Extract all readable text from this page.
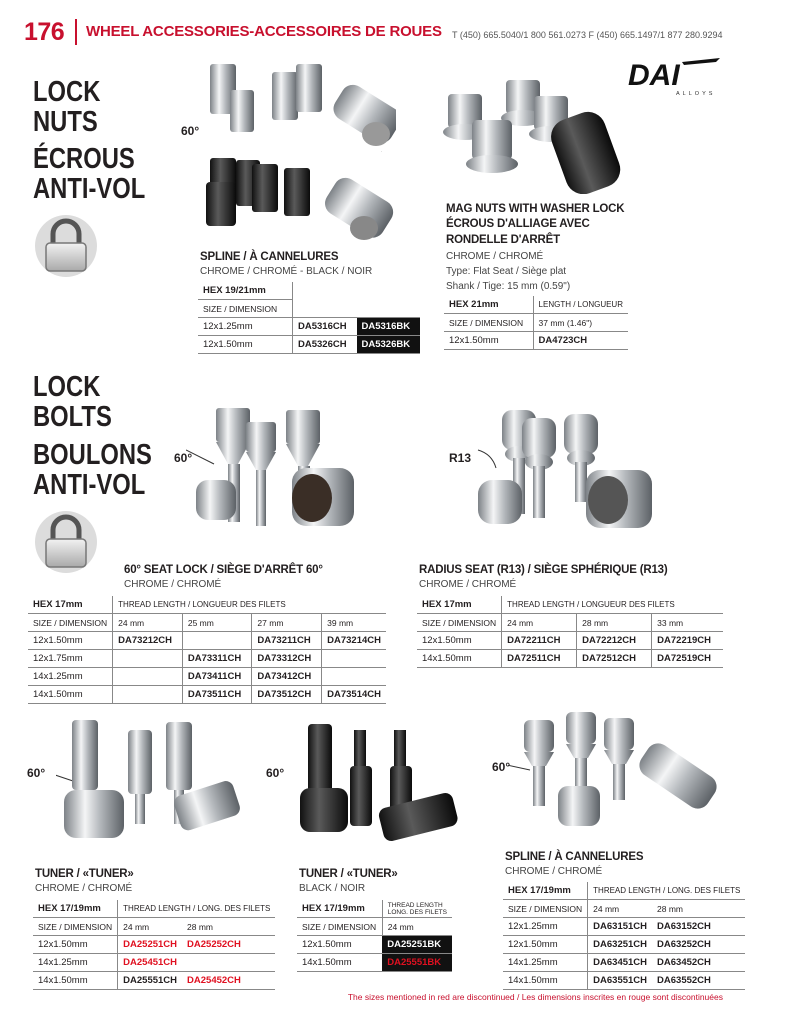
176 WHEEL ACCESSORIES-ACCESSOIRES DE ROUES T (450) 665.5040/1 800 561.0273 F (450) 665.1497/1 877 280.9294
DAI
ALLOYS
LOCK
NUTS
ÉCROUS
ANTI-VOL
60°
SPLINE / À CANNELURES
CHROME / CHROMÉ - BLACK / NOIR
HEX 19/21mm		
SIZE / DIMENSION		
12x1.25mm	DA5316CH	DA5316BK
12x1.50mm	DA5326CH	DA5326BK
MAG NUTS WITH WASHER LOCK
ÉCROUS D'ALLIAGE AVEC
RONDELLE D'ARRÊT
CHROME / CHROMÉ
Type: Flat Seat / Siège plat
Shank / Tige: 15 mm (0.59")
HEX 21mm	LENGTH / LONGUEUR
SIZE / DIMENSION	37 mm (1.46")
12x1.50mm	DA4723CH
LOCK
BOLTS
BOULONS
ANTI-VOL
60°
60° SEAT LOCK / SIÈGE D'ARRÊT 60°
CHROME / CHROMÉ
HEX 17mm	THREAD LENGTH / LONGUEUR DES FILETS			
SIZE / DIMENSION	24 mm	25 mm	27 mm	39 mm
12x1.50mm	DA73212CH		DA73211CH	DA73214CH
12x1.75mm		DA73311CH	DA73312CH	
14x1.25mm		DA73411CH	DA73412CH	
14x1.50mm		DA73511CH	DA73512CH	DA73514CH
R13
RADIUS SEAT (R13) / SIÈGE SPHÉRIQUE (R13)
CHROME / CHROMÉ
HEX 17mm	THREAD LENGTH / LONGUEUR DES FILETS		
SIZE / DIMENSION	24 mm	28 mm	33 mm
12x1.50mm	DA72211CH	DA72212CH	DA72219CH
14x1.50mm	DA72511CH	DA72512CH	DA72519CH
60°
TUNER / «TUNER»
CHROME / CHROMÉ
HEX 17/19mm	THREAD LENGTH / LONG. DES FILETS	
SIZE / DIMENSION	24 mm	28 mm
12x1.50mm	DA25251CH	DA25252CH
14x1.25mm	DA25451CH	
14x1.50mm	DA25551CH	DA25452CH
60°
TUNER / «TUNER»
BLACK / NOIR
HEX 17/19mm	THREAD LENGTH
LONG. DES FILETS
SIZE / DIMENSION	24 mm
12x1.50mm	DA25251BK
14x1.50mm	DA25551BK
60°
SPLINE / À CANNELURES
CHROME / CHROMÉ
HEX 17/19mm	THREAD LENGTH / LONG. DES FILETS	
SIZE / DIMENSION	24 mm	28 mm
12x1.25mm	DA63151CH	DA63152CH
12x1.50mm	DA63251CH	DA63252CH
14x1.25mm	DA63451CH	DA63452CH
14x1.50mm	DA63551CH	DA63552CH
The sizes mentioned in red are discontinued / Les dimensions inscrites en rouge sont discontinuées
